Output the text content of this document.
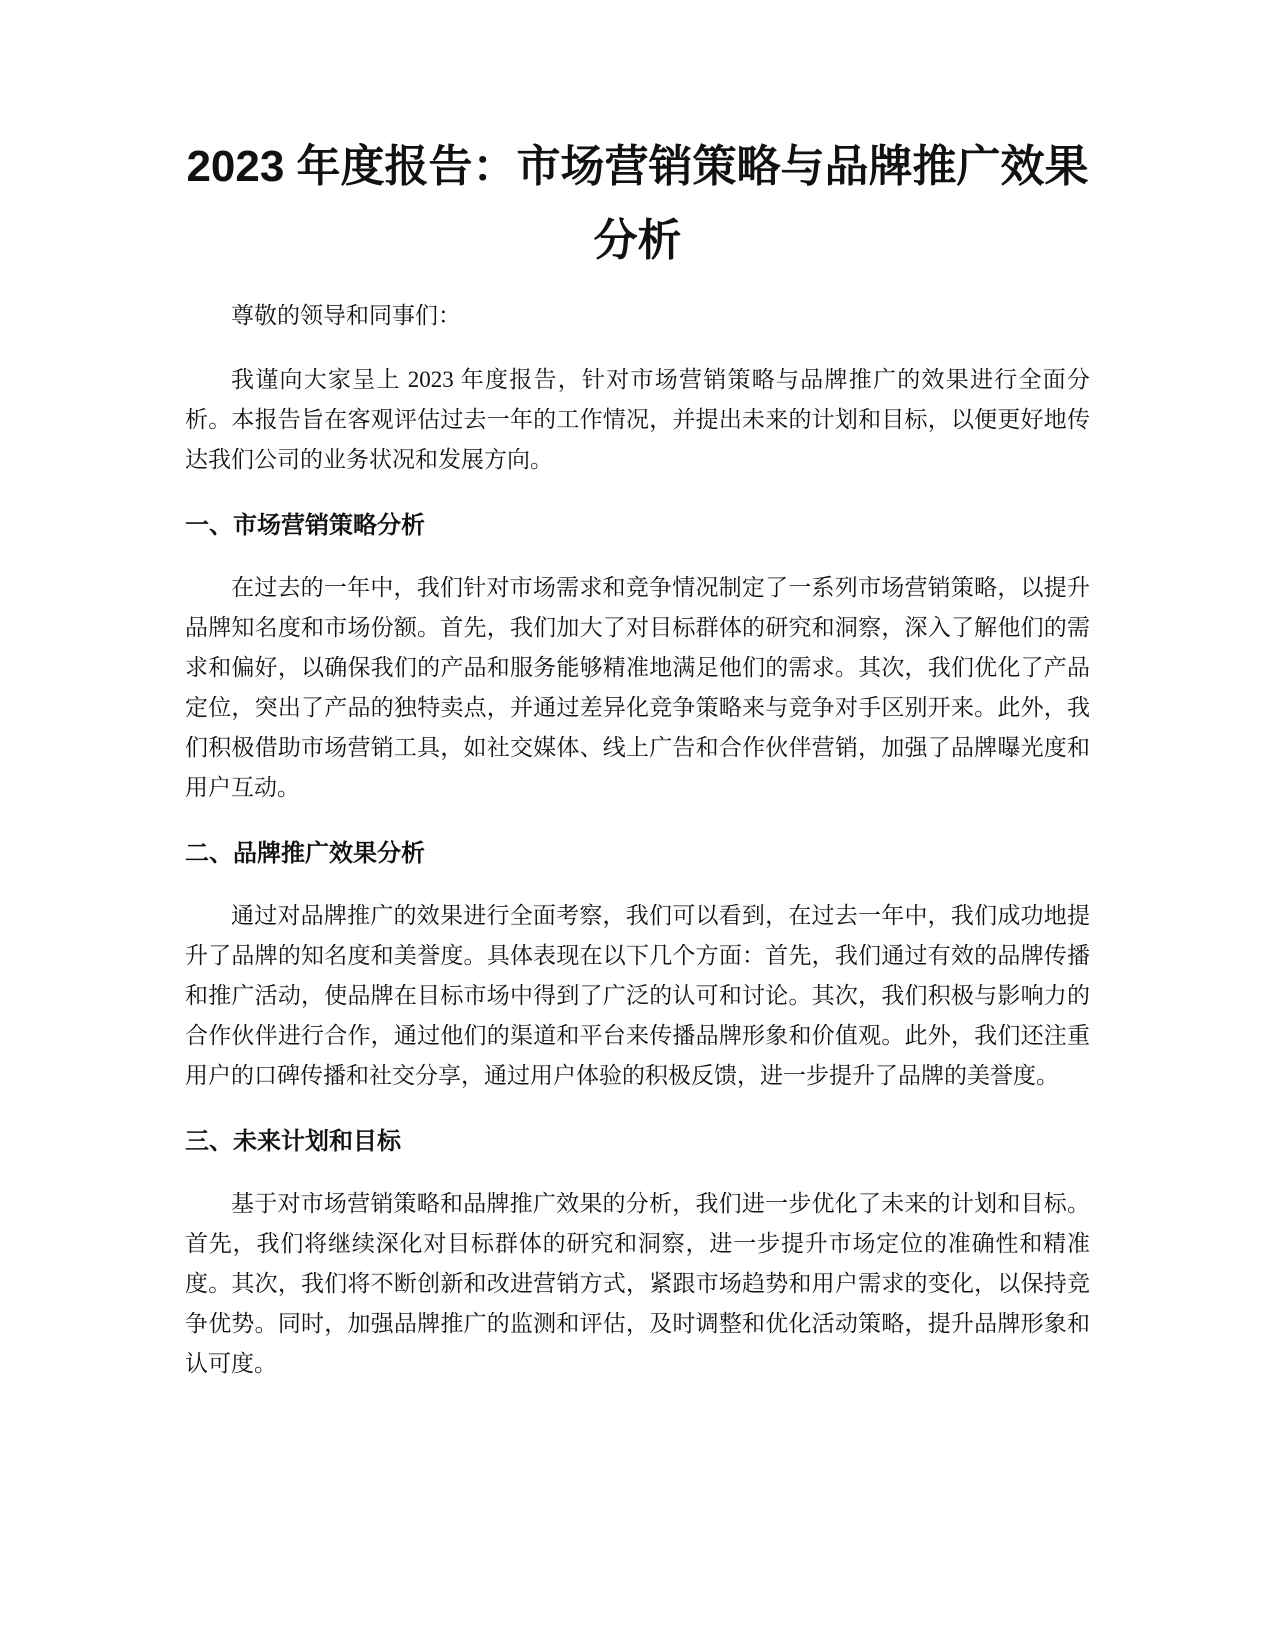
2023 年度报告：市场营销策略与品牌推广效果分析

尊敬的领导和同事们：

我谨向大家呈上 2023 年度报告，针对市场营销策略与品牌推广的效果进行全面分析。本报告旨在客观评估过去一年的工作情况，并提出未来的计划和目标，以便更好地传达我们公司的业务状况和发展方向。

一、市场营销策略分析

在过去的一年中，我们针对市场需求和竞争情况制定了一系列市场营销策略，以提升品牌知名度和市场份额。首先，我们加大了对目标群体的研究和洞察，深入了解他们的需求和偏好，以确保我们的产品和服务能够精准地满足他们的需求。其次，我们优化了产品定位，突出了产品的独特卖点，并通过差异化竞争策略来与竞争对手区别开来。此外，我们积极借助市场营销工具，如社交媒体、线上广告和合作伙伴营销，加强了品牌曝光度和用户互动。

二、品牌推广效果分析

通过对品牌推广的效果进行全面考察，我们可以看到，在过去一年中，我们成功地提升了品牌的知名度和美誉度。具体表现在以下几个方面：首先，我们通过有效的品牌传播和推广活动，使品牌在目标市场中得到了广泛的认可和讨论。其次，我们积极与影响力的合作伙伴进行合作，通过他们的渠道和平台来传播品牌形象和价值观。此外，我们还注重用户的口碑传播和社交分享，通过用户体验的积极反馈，进一步提升了品牌的美誉度。

三、未来计划和目标

基于对市场营销策略和品牌推广效果的分析，我们进一步优化了未来的计划和目标。首先，我们将继续深化对目标群体的研究和洞察，进一步提升市场定位的准确性和精准度。其次，我们将不断创新和改进营销方式，紧跟市场趋势和用户需求的变化，以保持竞争优势。同时，加强品牌推广的监测和评估，及时调整和优化活动策略，提升品牌形象和认可度。
